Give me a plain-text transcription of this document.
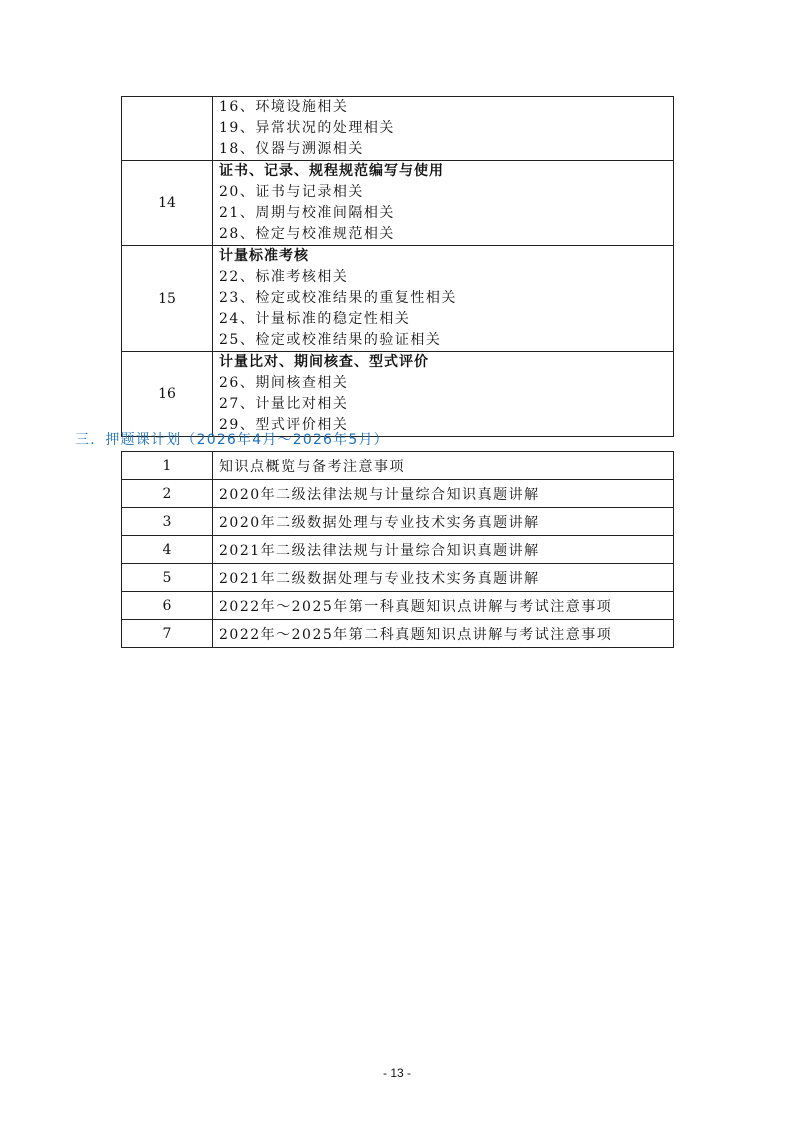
	16、环境设施相关
19、异常状况的处理相关
18、仪器与溯源相关

14	证书、记录、规程规范编写与使用
20、证书与记录相关
21、周期与校准间隔相关
28、检定与校准规范相关

15	计量标准考核
22、标准考核相关
23、检定或校准结果的重复性相关
24、计量标准的稳定性相关
25、检定或校准结果的验证相关

16	计量比对、期间核查、型式评价
26、期间核查相关
27、计量比对相关
29、型式评价相关
三．押题课计划（2026年4月～2026年5月）
1	知识点概览与备考注意事项
2	2020年二级法律法规与计量综合知识真题讲解
3	2020年二级数据处理与专业技术实务真题讲解
4	2021年二级法律法规与计量综合知识真题讲解
5	2021年二级数据处理与专业技术实务真题讲解
6	2022年～2025年第一科真题知识点讲解与考试注意事项
7	2022年～2025年第二科真题知识点讲解与考试注意事项
- 13 -
